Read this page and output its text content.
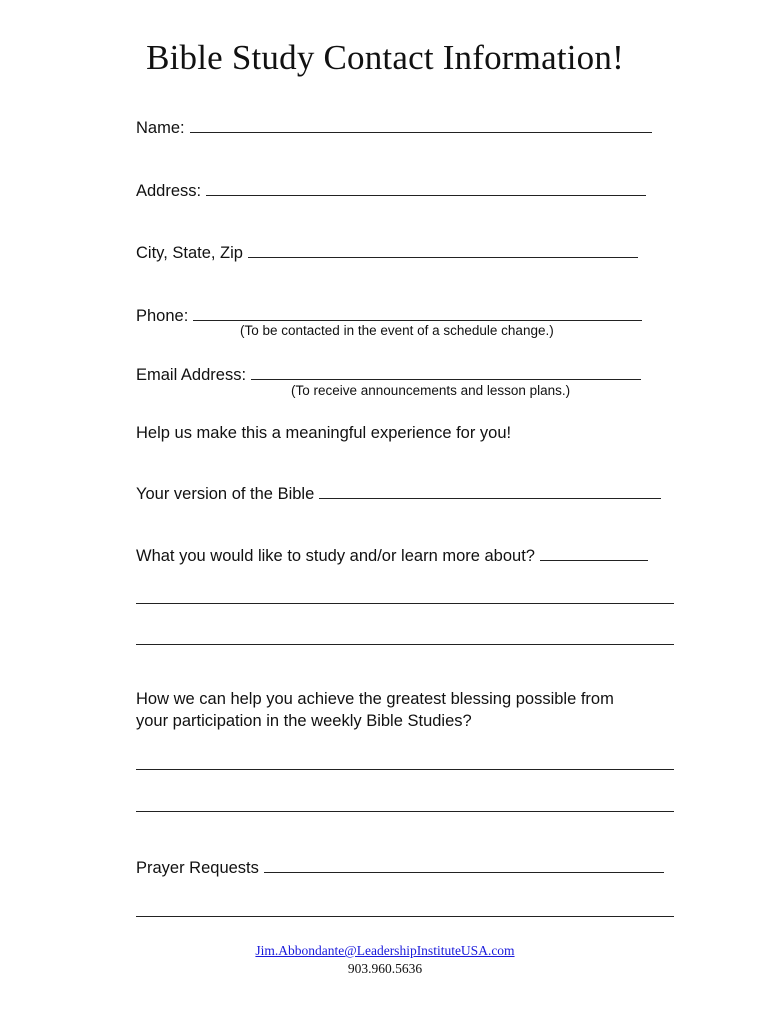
Bible Study Contact Information!
Name:
Address:
City, State, Zip
Phone:
(To be contacted in the event of a schedule change.)
Email Address:
(To receive announcements and lesson plans.)
Help us make this a meaningful experience for you!
Your version of the Bible
What you would like to study and/or learn more about?
How we can help you achieve the greatest blessing possible from
your participation in the weekly Bible Studies?
Prayer Requests
Jim.Abbondante@LeadershipInstituteUSA.com
903.960.5636
